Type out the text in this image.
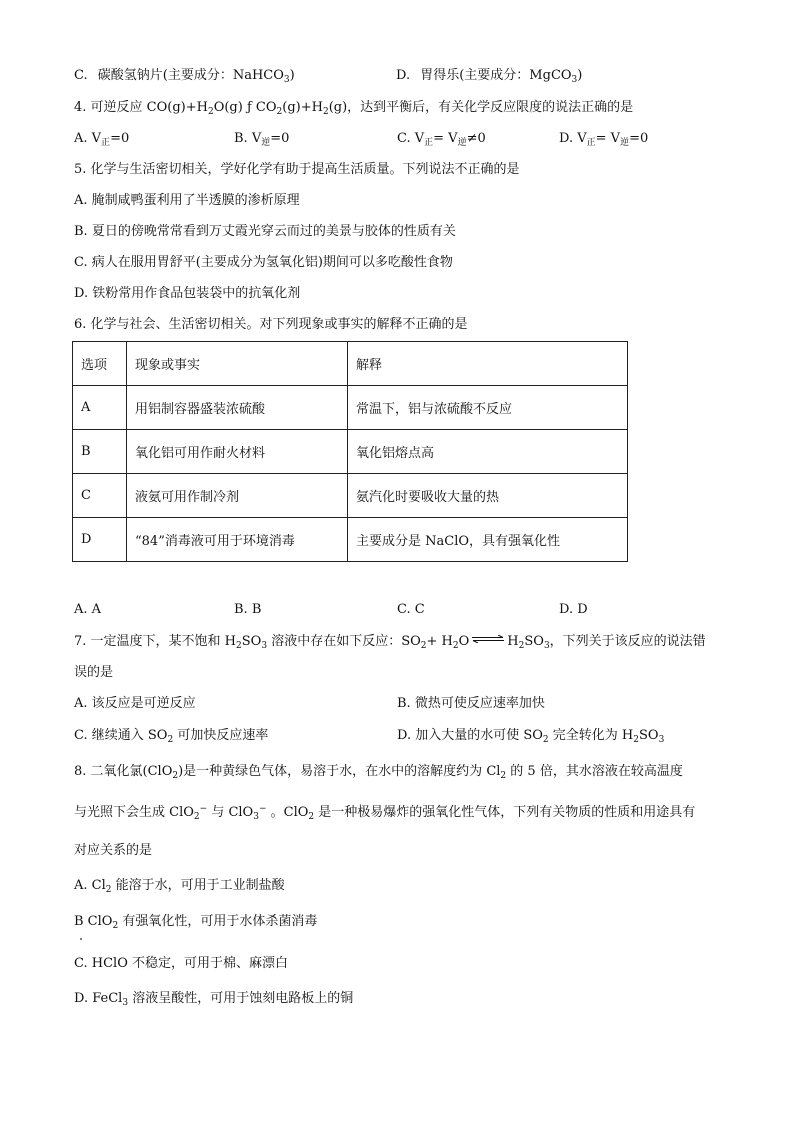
C. 碳酸氢钠片(主要成分：NaHCO$_3$)	D. 胃得乐(主要成分：MgCO$_3$)
4. 可逆反应 $CO(g)+H_2O(g)$ ƒ $CO_2(g)+H_2(g)$，达到平衡后，有关化学反应限度的说法正确的是
A. $V_正=0$	B. $V_逆=0$	C. $V_正= V_逆\ne 0$	D. $V_正= V_逆=0$
5. 化学与生活密切相关，学好化学有助于提高生活质量。下列说法不正确的是
A. 腌制咸鸭蛋利用了半透膜的渗析原理
B. 夏日的傍晚常常看到万丈霞光穿云而过的美景与胶体的性质有关
C. 病人在服用胃舒平(主要成分为氢氧化铝)期间可以多吃酸性食物
D. 铁粉常用作食品包装袋中的抗氧化剂
6. 化学与社会、生活密切相关。对下列现象或事实的解释不正确的是
选项	现象或事实	解释
A	用铝制容器盛装浓硫酸	常温下，铝与浓硫酸不反应
B	氧化铝可用作耐火材料	氧化铝熔点高
C	液氨可用作制冷剂	氨汽化时要吸收大量的热
D	“84”消毒液可用于环境消毒	主要成分是 NaClO，具有强氧化性
A. A	B. B	C. C	D. D
7. 一定温度下，某不饱和 $H_2SO_3$ 溶液中存在如下反应：$SO_2+ H_2O$ ⇌ $H_2SO_3$，下列关于该反应的说法错
误的是
A. 该反应是可逆反应	B. 微热可使反应速率加快
C. 继续通入 $SO_2$ 可加快反应速率	D. 加入大量的水可使 $SO_2$ 完全转化为 $H_2SO_3$
8. 二氧化氯(ClO$_2$)是一种黄绿色气体，易溶于水，在水中的溶解度约为 $Cl_2$ 的 5 倍，其水溶液在较高温度
与光照下会生成 ClO$_2$− 与 ClO$_3$− 。ClO$_2$ 是一种极易爆炸的强氧化性气体，下列有关物质的性质和用途具有
对应关系的是
A. $Cl_2$ 能溶于水，可用于工业制盐酸
B ClO$_2$ 有强氧化性，可用于水体杀菌消毒
C. HClO 不稳定，可用于棉、麻漂白
D. FeCl$_3$ 溶液呈酸性，可用于蚀刻电路板上的铜
